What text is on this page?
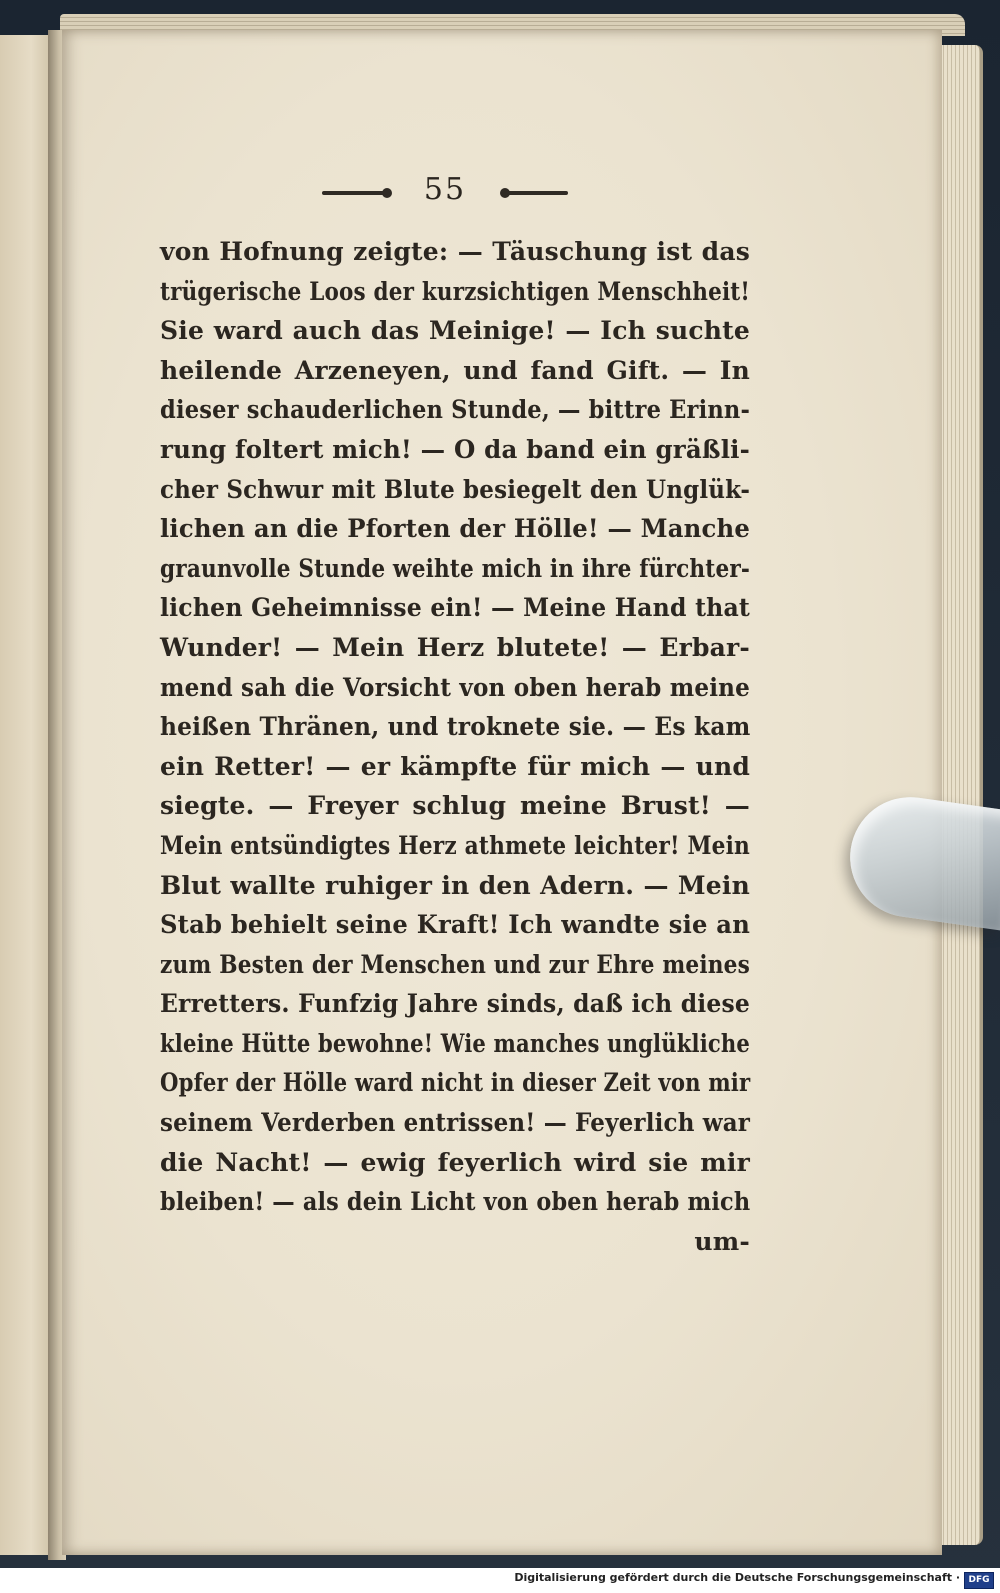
55
von Hofnung zeigte: — Täuschung ist das
trügerische Loos der kurzsichtigen Menschheit!
Sie ward auch das Meinige! — Ich suchte
heilende Arzeneyen, und fand Gift. — In
dieser schauderlichen Stunde, — bittre Erinn-
rung foltert mich! — O da band ein gräßli-
cher Schwur mit Blute besiegelt den Unglük-
lichen an die Pforten der Hölle! — Manche
graunvolle Stunde weihte mich in ihre fürchter-
lichen Geheimnisse ein! — Meine Hand that
Wunder! — Mein Herz blutete! — Erbar-
mend sah die Vorsicht von oben herab meine
heißen Thränen, und troknete sie. — Es kam
ein Retter! — er kämpfte für mich — und
siegte. — Freyer schlug meine Brust! —
Mein entsündigtes Herz athmete leichter! Mein
Blut wallte ruhiger in den Adern. — Mein
Stab behielt seine Kraft! Ich wandte sie an
zum Besten der Menschen und zur Ehre meines
Erretters. Funfzig Jahre sinds, daß ich diese
kleine Hütte bewohne! Wie manches unglükliche
Opfer der Hölle ward nicht in dieser Zeit von mir
seinem Verderben entrissen! — Feyerlich war
die Nacht! — ewig feyerlich wird sie mir
bleiben! — als dein Licht von oben herab mich
um-
Digitalisierung gefördert durch die Deutsche Forschungsgemeinschaft · DFG
